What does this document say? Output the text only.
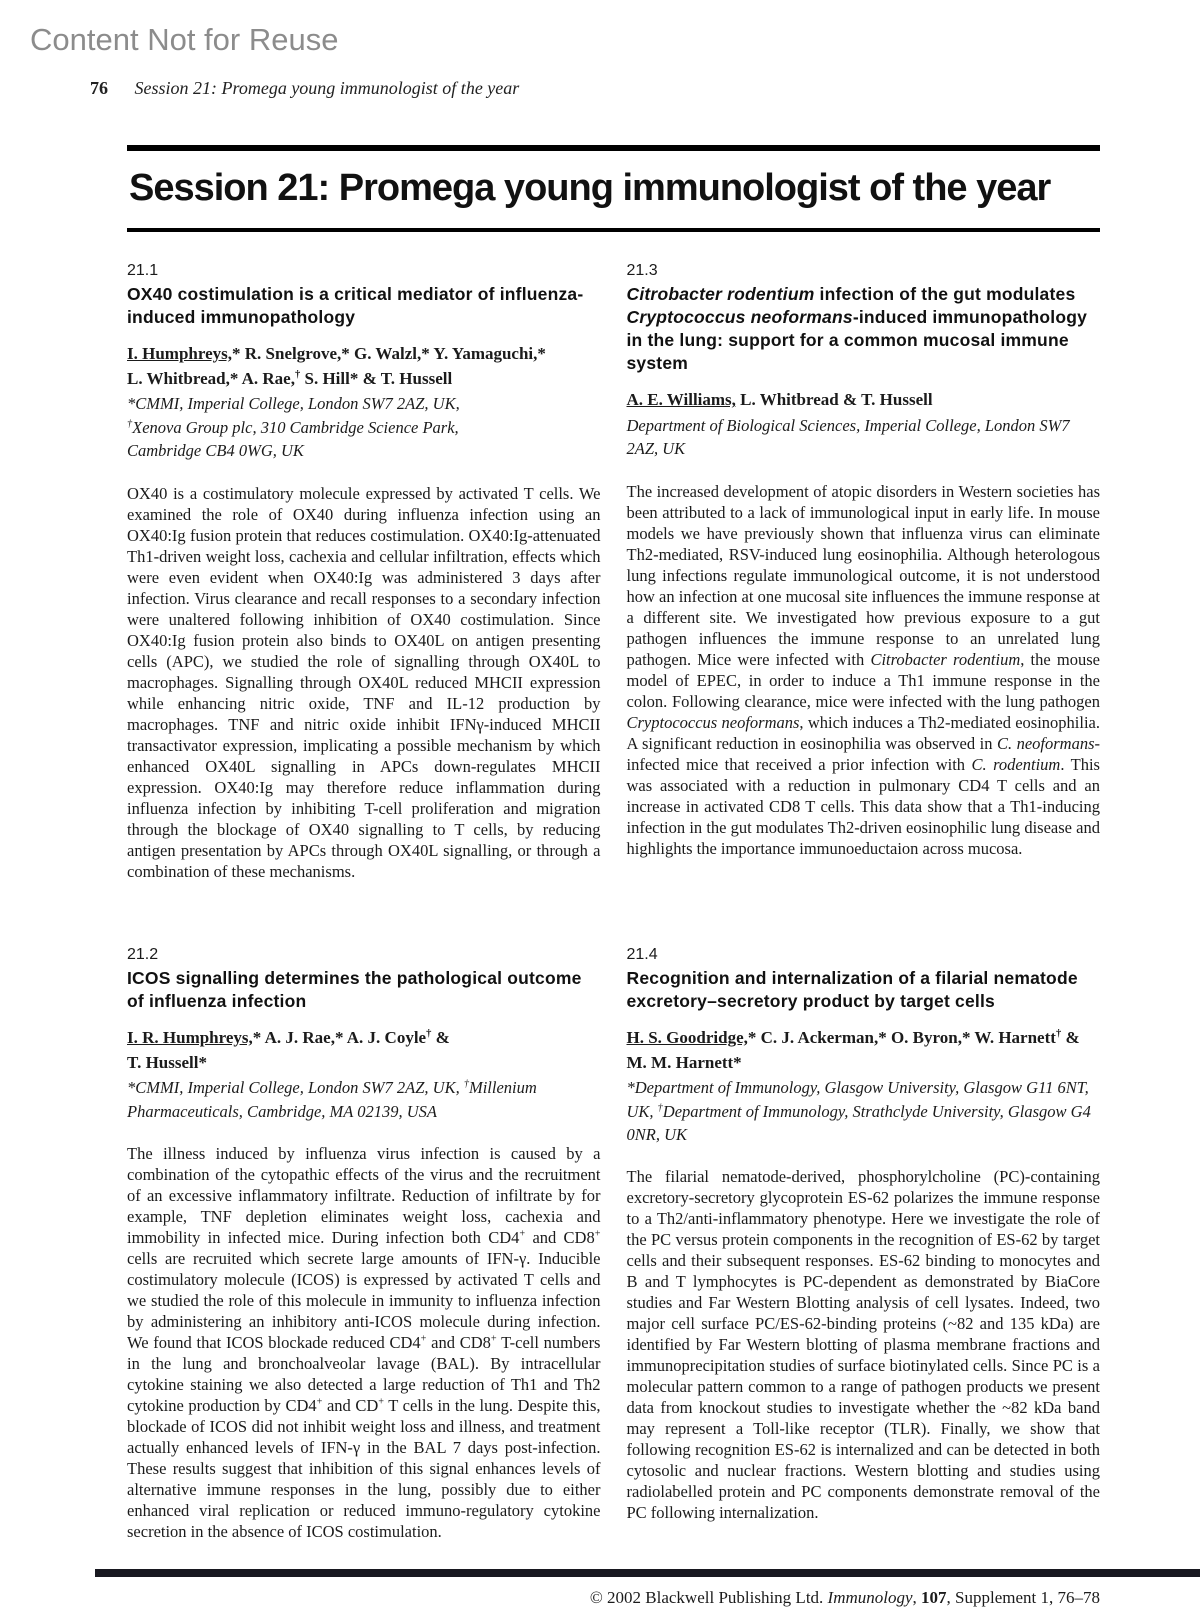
Content Not for Reuse
76 Session 21: Promega young immunologist of the year
Session 21: Promega young immunologist of the year
21.1
OX40 costimulation is a critical mediator of influenza-induced immunopathology

I. Humphreys,* R. Snelgrove,* G. Walzl,* Y. Yamaguchi,*
L. Whitbread,* A. Rae,† S. Hill* & T. Hussell

*CMMI, Imperial College, London SW7 2AZ, UK,
†Xenova Group plc, 310 Cambridge Science Park,
Cambridge CB4 0WG, UK

OX40 is a costimulatory molecule expressed by activated T cells. We examined the role of OX40 during influenza infection using an OX40:Ig fusion protein that reduces costimulation. OX40:Ig-attenuated Th1-driven weight loss, cachexia and cellular infiltration, effects which were even evident when OX40:Ig was administered 3 days after infection. Virus clearance and recall responses to a secondary infection were unaltered following inhibition of OX40 costimulation. Since OX40:Ig fusion protein also binds to OX40L on antigen presenting cells (APC), we studied the role of signalling through OX40L to macrophages. Signalling through OX40L reduced MHCII expression while enhancing nitric oxide, TNF and IL-12 production by macrophages. TNF and nitric oxide inhibit IFNγ-induced MHCII transactivator expression, implicating a possible mechanism by which enhanced OX40L signalling in APCs down-regulates MHCII expression. OX40:Ig may therefore reduce inflammation during influenza infection by inhibiting T-cell proliferation and migration through the blockage of OX40 signalling to T cells, by reducing antigen presentation by APCs through OX40L signalling, or through a combination of these mechanisms.

21.3
Citrobacter rodentium infection of the gut modulates Cryptococcus neoformans-induced immunopathology in the lung: support for a common mucosal immune system

A. E. Williams, L. Whitbread & T. Hussell

Department of Biological Sciences, Imperial College, London SW7 2AZ, UK

The increased development of atopic disorders in Western societies has been attributed to a lack of immunological input in early life. In mouse models we have previously shown that influenza virus can eliminate Th2-mediated, RSV-induced lung eosinophilia. Although heterologous lung infections regulate immunological outcome, it is not understood how an infection at one mucosal site influences the immune response at a different site. We investigated how previous exposure to a gut pathogen influences the immune response to an unrelated lung pathogen. Mice were infected with Citrobacter rodentium, the mouse model of EPEC, in order to induce a Th1 immune response in the colon. Following clearance, mice were infected with the lung pathogen Cryptococcus neoformans, which induces a Th2-mediated eosinophilia. A significant reduction in eosinophilia was observed in C. neoformans-infected mice that received a prior infection with C. rodentium. This was associated with a reduction in pulmonary CD4 T cells and an increase in activated CD8 T cells. This data show that a Th1-inducing infection in the gut modulates Th2-driven eosinophilic lung disease and highlights the importance immunoeductaion across mucosa.

21.2
ICOS signalling determines the pathological outcome of influenza infection

I. R. Humphreys,* A. J. Rae,* A. J. Coyle† &
T. Hussell*

*CMMI, Imperial College, London SW7 2AZ, UK, †Millenium Pharmaceuticals, Cambridge, MA 02139, USA

The illness induced by influenza virus infection is caused by a combination of the cytopathic effects of the virus and the recruitment of an excessive inflammatory infiltrate. Reduction of infiltrate by for example, TNF depletion eliminates weight loss, cachexia and immobility in infected mice. During infection both CD4+ and CD8+ cells are recruited which secrete large amounts of IFN-γ. Inducible costimulatory molecule (ICOS) is expressed by activated T cells and we studied the role of this molecule in immunity to influenza infection by administering an inhibitory anti-ICOS molecule during infection. We found that ICOS blockade reduced CD4+ and CD8+ T-cell numbers in the lung and bronchoalveolar lavage (BAL). By intracellular cytokine staining we also detected a large reduction of Th1 and Th2 cytokine production by CD4+ and CD+ T cells in the lung. Despite this, blockade of ICOS did not inhibit weight loss and illness, and treatment actually enhanced levels of IFN-γ in the BAL 7 days post-infection. These results suggest that inhibition of this signal enhances levels of alternative immune responses in the lung, possibly due to either enhanced viral replication or reduced immuno-regulatory cytokine secretion in the absence of ICOS costimulation.

21.4
Recognition and internalization of a filarial nematode excretory–secretory product by target cells

H. S. Goodridge,* C. J. Ackerman,* O. Byron,* W. Harnett† &
M. M. Harnett*

*Department of Immunology, Glasgow University, Glasgow G11 6NT, UK, †Department of Immunology, Strathclyde University, Glasgow G4 0NR, UK

The filarial nematode-derived, phosphorylcholine (PC)-containing excretory-secretory glycoprotein ES-62 polarizes the immune response to a Th2/anti-inflammatory phenotype. Here we investigate the role of the PC versus protein components in the recognition of ES-62 by target cells and their subsequent responses. ES-62 binding to monocytes and B and T lymphocytes is PC-dependent as demonstrated by BiaCore studies and Far Western Blotting analysis of cell lysates. Indeed, two major cell surface PC/ES-62-binding proteins (~82 and 135 kDa) are identified by Far Western blotting of plasma membrane fractions and immunoprecipitation studies of surface biotinylated cells. Since PC is a molecular pattern common to a range of pathogen products we present data from knockout studies to investigate whether the ~82 kDa band may represent a Toll-like receptor (TLR). Finally, we show that following recognition ES-62 is internalized and can be detected in both cytosolic and nuclear fractions. Western blotting and studies using radiolabelled protein and PC components demonstrate removal of the PC following internalization.

© 2002 Blackwell Publishing Ltd. Immunology, 107, Supplement 1, 76–78
